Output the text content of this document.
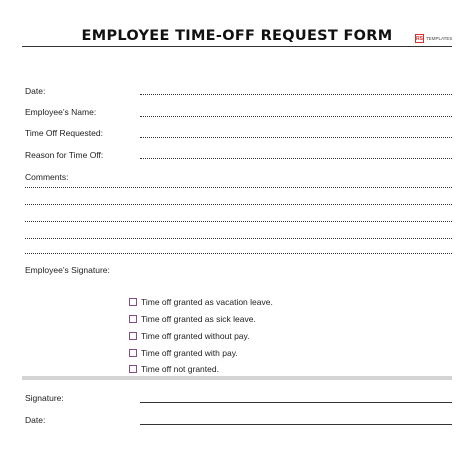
EMPLOYEE TIME-OFF REQUEST FORM	RS TEMPLATES
Date:
Employee’s Name:
Time Off Requested:
Reason for Time Off:
Comments:
Employee’s Signature:
Time off granted as vacation leave.
Time off granted as sick leave.
Time off granted without pay.
Time off granted with pay.
Time off not granted.
Signature:
Date:
